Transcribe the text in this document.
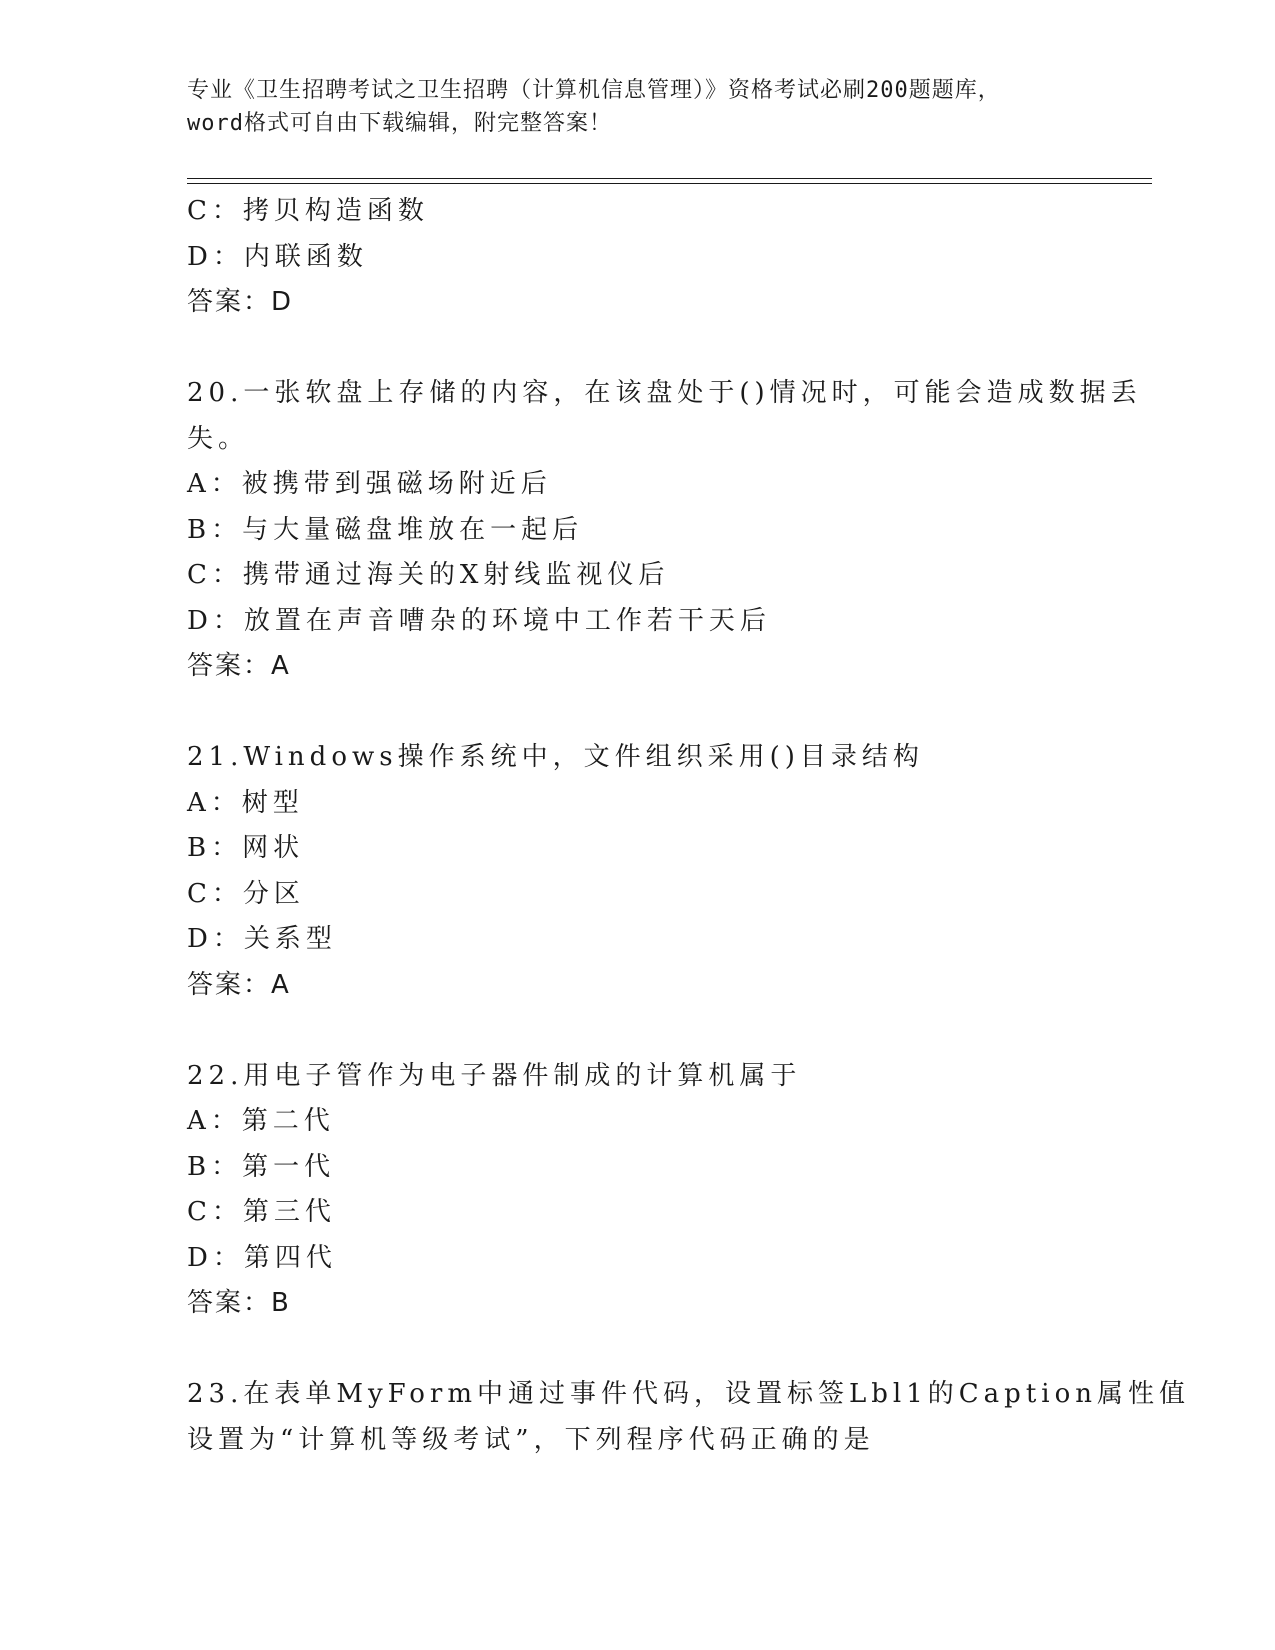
专业《卫生招聘考试之卫生招聘（计算机信息管理）》资格考试必刷200题题库，
word格式可自由下载编辑，附完整答案！
C：拷贝构造函数
D：内联函数
答案：D
20.一张软盘上存储的内容，在该盘处于()情况时，可能会造成数据丢
失。
A：被携带到强磁场附近后
B：与大量磁盘堆放在一起后
C：携带通过海关的X射线监视仪后
D：放置在声音嘈杂的环境中工作若干天后
答案：A
21.Windows操作系统中，文件组织采用()目录结构
A：树型
B：网状
C：分区
D：关系型
答案：A
22.用电子管作为电子器件制成的计算机属于
A：第二代
B：第一代
C：第三代
D：第四代
答案：B
23.在表单MyForm中通过事件代码，设置标签Lbl1的Caption属性值
设置为“计算机等级考试”，下列程序代码正确的是
